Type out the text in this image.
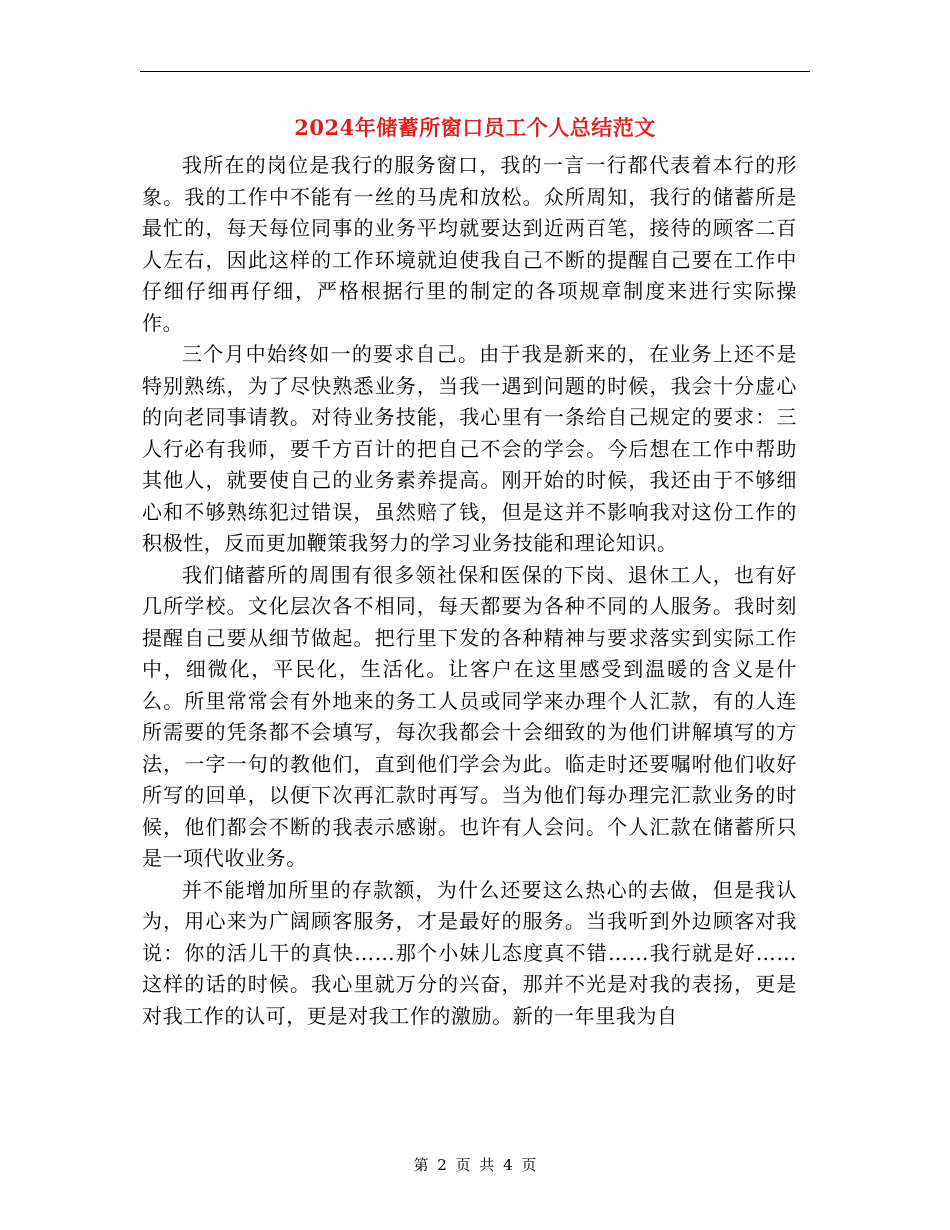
2024年储蓄所窗口员工个人总结范文

我所在的岗位是我行的服务窗口，我的一言一行都代表着本行的形象。我的工作中不能有一丝的马虎和放松。众所周知，我行的储蓄所是最忙的，每天每位同事的业务平均就要达到近两百笔，接待的顾客二百人左右，因此这样的工作环境就迫使我自己不断的提醒自己要在工作中仔细仔细再仔细，严格根据行里的制定的各项规章制度来进行实际操作。

三个月中始终如一的要求自己。由于我是新来的，在业务上还不是特别熟练，为了尽快熟悉业务，当我一遇到问题的时候，我会十分虚心的向老同事请教。对待业务技能，我心里有一条给自己规定的要求：三人行必有我师，要千方百计的把自己不会的学会。今后想在工作中帮助其他人，就要使自己的业务素养提高。刚开始的时候，我还由于不够细心和不够熟练犯过错误，虽然赔了钱，但是这并不影响我对这份工作的积极性，反而更加鞭策我努力的学习业务技能和理论知识。

我们储蓄所的周围有很多领社保和医保的下岗、退休工人，也有好几所学校。文化层次各不相同，每天都要为各种不同的人服务。我时刻提醒自己要从细节做起。把行里下发的各种精神与要求落实到实际工作中，细微化，平民化，生活化。让客户在这里感受到温暖的含义是什么。所里常常会有外地来的务工人员或同学来办理个人汇款，有的人连所需要的凭条都不会填写，每次我都会十会细致的为他们讲解填写的方法，一字一句的教他们，直到他们学会为此。临走时还要嘱咐他们收好所写的回单，以便下次再汇款时再写。当为他们每办理完汇款业务的时候，他们都会不断的我表示感谢。也许有人会问。个人汇款在储蓄所只是一项代收业务。

并不能增加所里的存款额，为什么还要这么热心的去做，但是我认为，用心来为广阔顾客服务，才是最好的服务。当我听到外边顾客对我说：你的活儿干的真快……那个小妹儿态度真不错……我行就是好……这样的话的时候。我心里就万分的兴奋，那并不光是对我的表扬，更是对我工作的认可，更是对我工作的激励。新的一年里我为自

第 2 页 共 4 页
